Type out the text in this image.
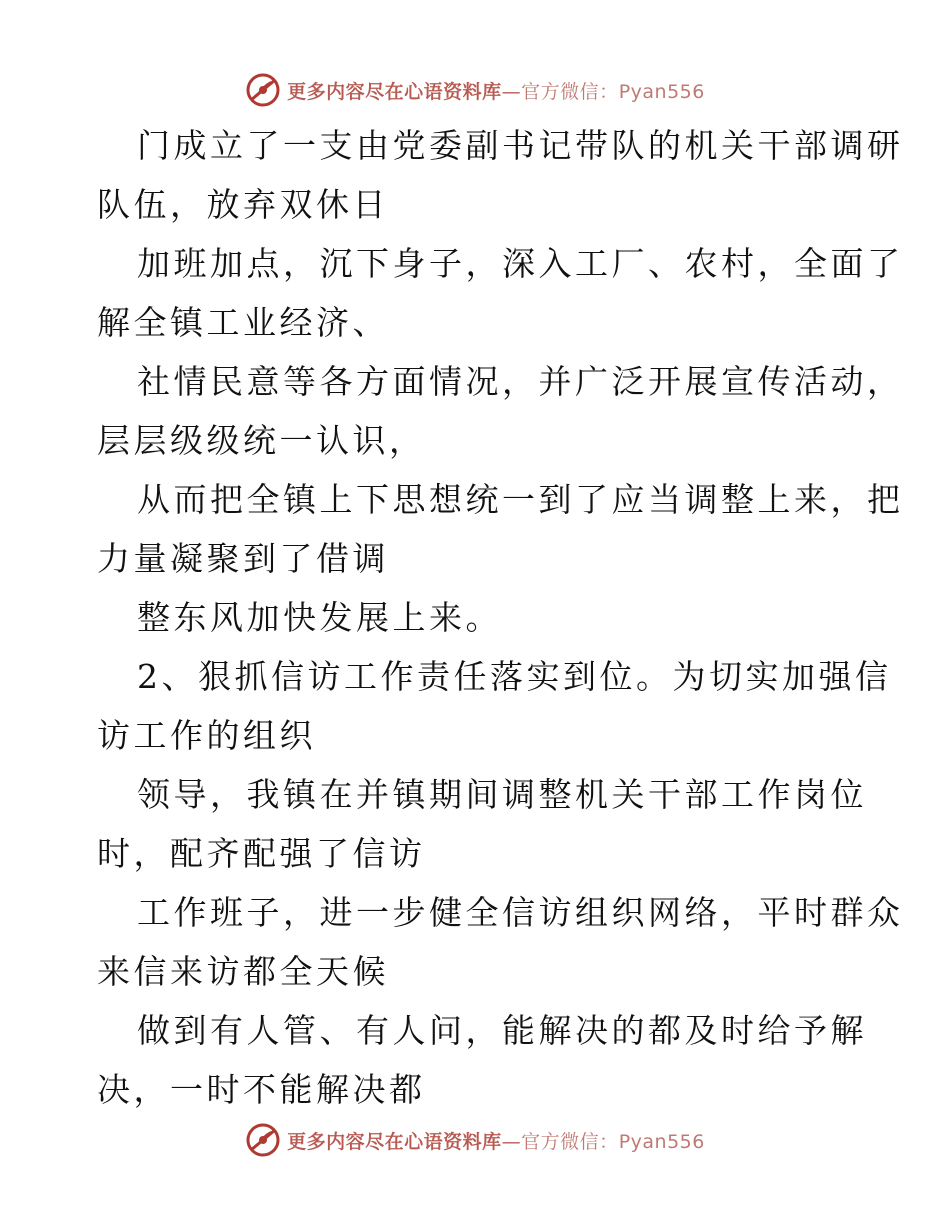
更多内容尽在心语资料库—官方微信：Pyan556
门成立了一支由党委副书记带队的机关干部调研
队伍，放弃双休日
加班加点，沉下身子，深入工厂、农村，全面了
解全镇工业经济、
社情民意等各方面情况，并广泛开展宣传活动，
层层级级统一认识，
从而把全镇上下思想统一到了应当调整上来，把
力量凝聚到了借调
整东风加快发展上来。
2、狠抓信访工作责任落实到位。为切实加强信
访工作的组织
领导，我镇在并镇期间调整机关干部工作岗位
时，配齐配强了信访
工作班子，进一步健全信访组织网络，平时群众
来信来访都全天候
做到有人管、有人问，能解决的都及时给予解
决，一时不能解决都
更多内容尽在心语资料库—官方微信：Pyan556
